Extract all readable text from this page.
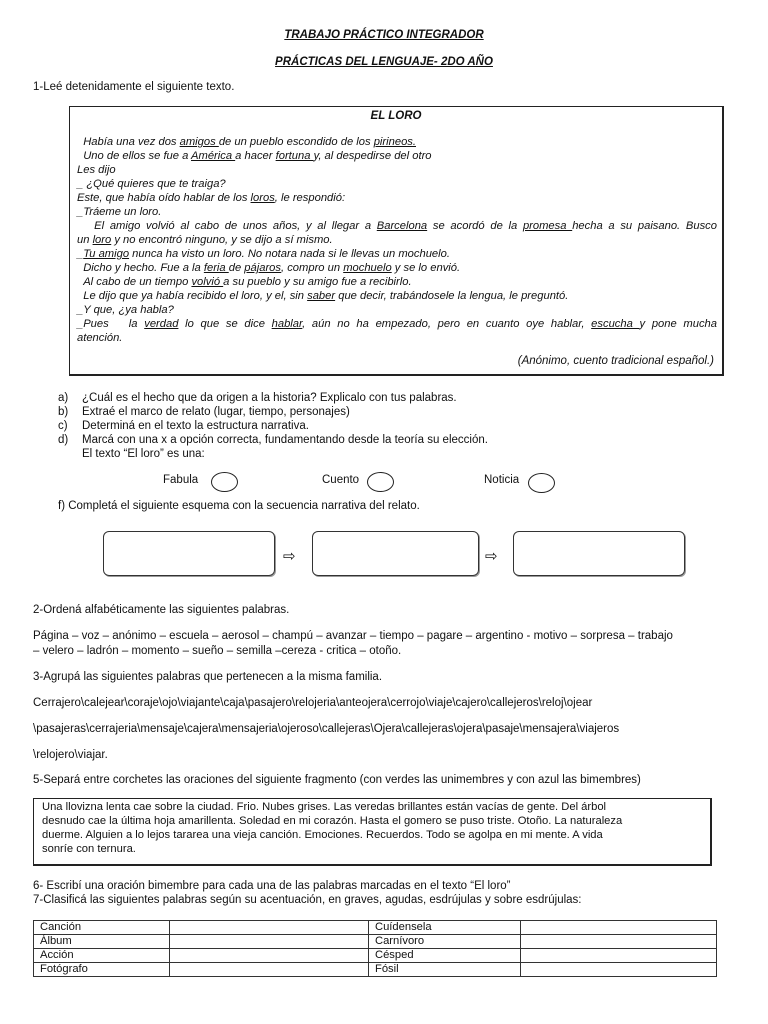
TRABAJO PRÁCTICO INTEGRADOR
PRÁCTICAS DEL LENGUAJE- 2DO AÑO
1-Leé detenidamente el siguiente texto.
EL LORO
Había una vez dos amigos de un pueblo escondido de los pirineos.
Uno de ellos se fue a América a hacer fortuna y, al despedirse del otro
Les dijo
_ ¿Qué quieres que te traiga?
Este, que había oído hablar de los loros, le respondió:
_Tráeme un loro.
El amigo volvió al cabo de unos años, y al llegar a Barcelona se acordó de la promesa hecha a su paisano. Busco
un loro y no encontró ninguno, y se dijo a sí mismo.
_Tu amigo nunca ha visto un loro. No notara nada si le llevas un mochuelo.
Dicho y hecho. Fue a la feria de pájaros, compro un mochuelo y se lo envió.
Al cabo de un tiempo volvió a su pueblo y su amigo fue a recibirlo.
Le dijo que ya había recibido el loro, y el, sin saber que decir, trabándosele la lengua, le preguntó.
_Y que, ¿ya habla?
_Pues   la verdad lo que se dice hablar, aún no ha empezado, pero en cuanto oye hablar, escucha y pone mucha
atención.
(Anónimo, cuento tradicional español.)
a) ¿Cuál es el hecho que da origen a la historia? Explicalo con tus palabras.
b) Extraé el marco de relato (lugar, tiempo, personajes)
c) Determiná en el texto la estructura narrativa.
d) Marcá con una x a opción correcta, fundamentando desde la teoría su elección.
El texto “El loro” es una:
Fabula	Cuento	Noticia
f) Completá el siguiente esquema con la secuencia narrativa del relato.
⇨	⇨
2-Ordená alfabéticamente las siguientes palabras.
Página – voz – anónimo – escuela – aerosol – champú – avanzar – tiempo – pagare – argentino - motivo – sorpresa – trabajo
– velero – ladrón – momento – sueño – semilla –cereza - critica – otoño.
3-Agrupá las siguientes palabras que pertenecen a la misma familia.
Cerrajero\calejear\coraje\ojo\viajante\caja\pasajero\relojeria\anteojera\cerrojo\viaje\cajero\callejeros\reloj\ojear
\pasajeras\cerrajeria\mensaje\cajera\mensajeria\ojeroso\callejeras\Ojera\callejeras\ojera\pasaje\mensajera\viajeros
\relojero\viajar.
5-Separá entre corchetes las oraciones del siguiente fragmento (con verdes las unimembres y con azul las bimembres)
Una llovizna lenta cae sobre la ciudad. Frio. Nubes grises. Las veredas brillantes están vacías de gente. Del árbol
desnudo cae la última hoja amarillenta. Soledad en mi corazón. Hasta el gomero se puso triste. Otoño. La naturaleza
duerme. Alguien a lo lejos tararea una vieja canción. Emociones. Recuerdos. Todo se agolpa en mi mente. A vida
sonríe con ternura.
6- Escribí una oración bimembre para cada una de las palabras marcadas en el texto “El loro”
7-Clasificá las siguientes palabras según su acentuación, en graves, agudas, esdrújulas y sobre esdrújulas:
Canción		Cuídensela	
Álbum		Carnívoro	
Acción		Césped	
Fotógrafo		Fósil	
